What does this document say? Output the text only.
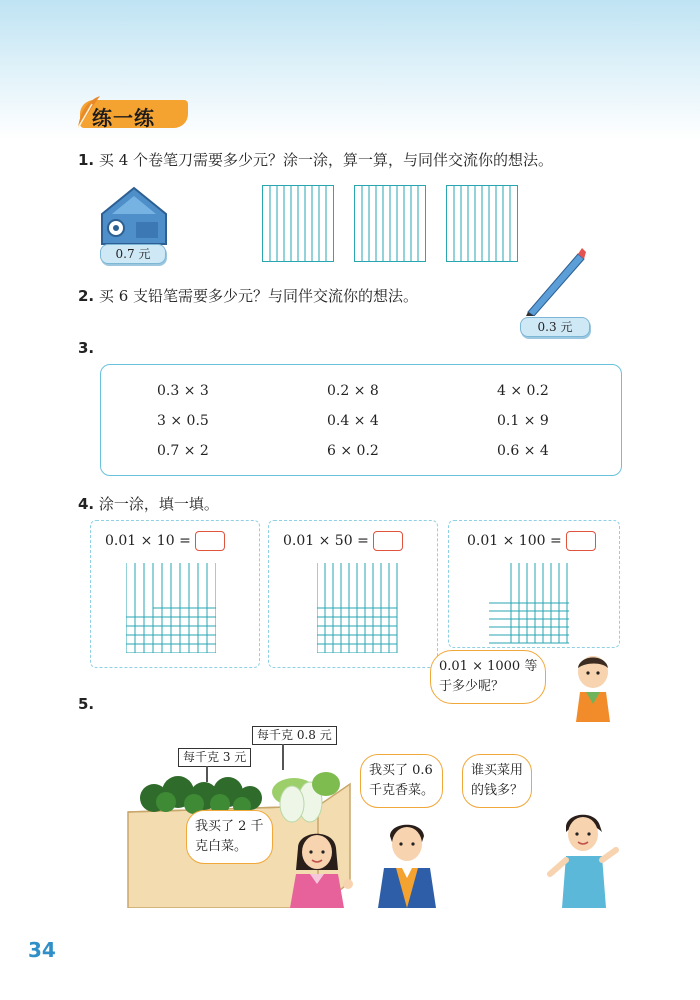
练一练
1. 买 4 个卷笔刀需要多少元？涂一涂，算一算，与同伴交流你的想法。
0.7 元
2. 买 6 支铅笔需要多少元？与同伴交流你的想法。
0.3 元
3.
0.3 × 3	0.2 × 8	4 × 0.2
3 × 0.5	0.4 × 4	0.1 × 9
0.7 × 2	6 × 0.2	0.6 × 4
4. 涂一涂，填一填。
0.01 × 10 =	0.01 × 50 =	0.01 × 100 =
0.01 × 1000 等
于多少呢？
5.
每千克 3 元
每千克 0.8 元
我买了 2 千
克白菜。
我买了 0.6
千克香菜。
谁买菜用
的钱多？
34
